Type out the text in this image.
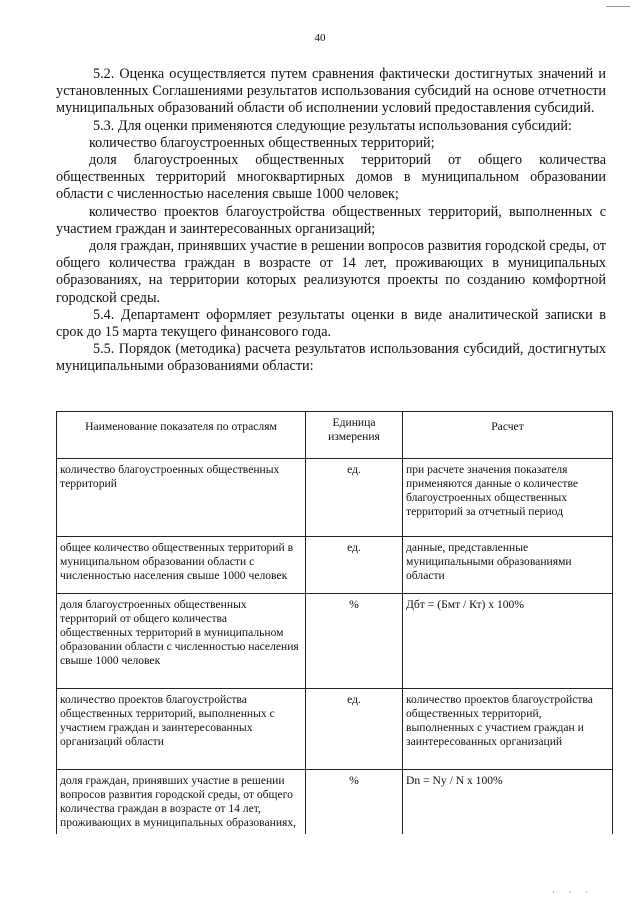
40

5.2. Оценка осуществляется путем сравнения фактически достигнутых значений и установленных Соглашениями результатов использования субсидий на основе отчетности муниципальных образований области об исполнении условий предоставления субсидий.

5.3. Для оценки применяются следующие результаты использования субсидий:

количество благоустроенных общественных территорий;

доля благоустроенных общественных территорий от общего количества общественных территорий многоквартирных домов в муниципальном образовании области с численностью населения свыше 1000 человек;

количество проектов благоустройства общественных территорий, выполненных с участием граждан и заинтересованных организаций;

доля граждан, принявших участие в решении вопросов развития городской среды, от общего количества граждан в возрасте от 14 лет, проживающих в муниципальных образованиях, на территории которых реализуются проекты по созданию комфортной городской среды.

5.4. Департамент оформляет результаты оценки в виде аналитической записки в срок до 15 марта текущего финансового года.

5.5. Порядок (методика) расчета результатов использования субсидий, достигнутых муниципальными образованиями области:

Наименование показателя по отраслям	Единица измерения	Расчет
количество благоустроенных общественных территорий	ед.	при расчете значения показателя применяются данные о количестве благоустроенных общественных территорий за отчетный период
общее количество общественных территорий в муниципальном образовании области с численностью населения свыше 1000 человек	ед.	данные, представленные муниципальными образованиями области
доля благоустроенных общественных территорий от общего количества общественных территорий в муниципальном образовании области с численностью населения свыше 1000 человек	%	Дбт = (Бмт / Кт) х 100%
количество проектов благоустройства общественных территорий, выполненных с участием граждан и заинтересованных организаций области	ед.	количество проектов благоустройства общественных территорий, выполненных с участием граждан и заинтересованных организаций
доля граждан, принявших участие в решении вопросов развития городской среды, от общего количества граждан в возрасте от 14 лет, проживающих в муниципальных образованиях,	%	Dn = Ny / N х 100%
· · ·
